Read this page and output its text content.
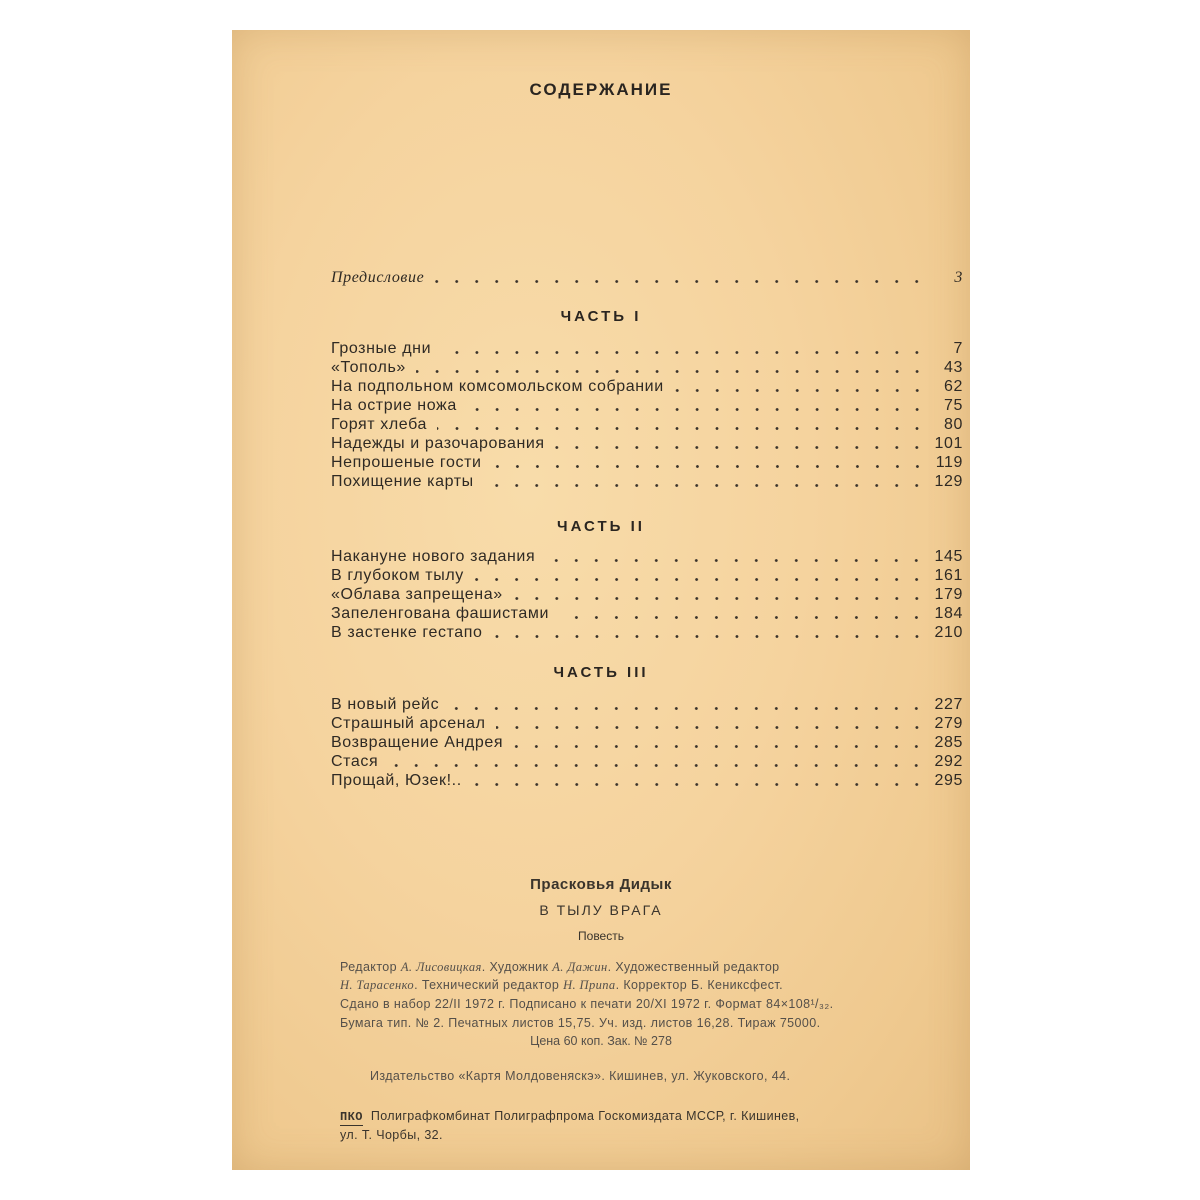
СОДЕРЖАНИЕ
Предисловие	3
ЧАСТЬ I
Грозные дни	7
«Тополь»	43
На подпольном комсомольском собрании	62
На острие ножа	75
Горят хлеба	80
Надежды и разочарования	101
Непрошеные гости	119
Похищение карты	129
ЧАСТЬ II
Накануне нового задания	145
В глубоком тылу	161
«Облава запрещена»	179
Запеленгована фашистами	184
В застенке гестапо	210
ЧАСТЬ III
В новый рейс	227
Страшный арсенал	279
Возвращение Андрея	285
Стася	292
Прощай, Юзек!..	295
Прасковья Дидык
В ТЫЛУ ВРАГА
Повесть
Редактор А. Лисовицкая. Художник А. Дажин. Художественный редактор
Н. Тарасенко. Технический редактор Н. Припа. Корректор Б. Кениксфест.
Сдано в набор 22/II 1972 г. Подписано к печати 20/XI 1972 г. Формат 84×108¹/₃₂.
Бумага тип. № 2. Печатных листов 15,75. Уч. изд. листов 16,28. Тираж 75000.
Цена 60 коп. Зак. № 278
Издательство «Картя Молдовеняскэ». Кишинев, ул. Жуковского, 44.
ПКО Полиграфкомбинат Полиграфпрома Госкомиздата МССР, г. Кишинев,
ул. Т. Чорбы, 32.
